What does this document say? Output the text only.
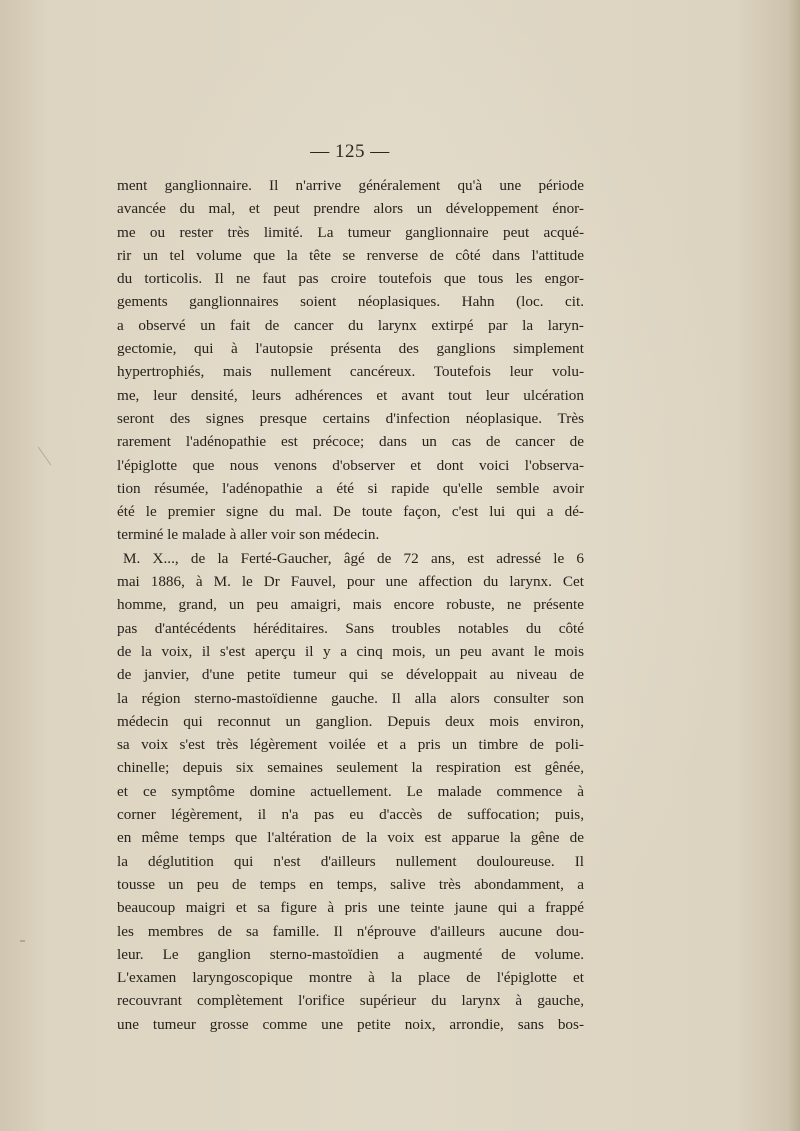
— 125 —
ment ganglionnaire. Il n'arrive généralement qu'à une période
avancée du mal, et peut prendre alors un développement énor-
me ou rester très limité. La tumeur ganglionnaire peut acqué-
rir un tel volume que la tête se renverse de côté dans l'attitude
du torticolis. Il ne faut pas croire toutefois que tous les engor-
gements ganglionnaires soient néoplasiques. Hahn (loc. cit.
a observé un fait de cancer du larynx extirpé par la laryn-
gectomie, qui à l'autopsie présenta des ganglions simplement
hypertrophiés, mais nullement cancéreux. Toutefois leur volu-
me, leur densité, leurs adhérences et avant tout leur ulcération
seront des signes presque certains d'infection néoplasique. Très
rarement l'adénopathie est précoce; dans un cas de cancer de
l'épiglotte que nous venons d'observer et dont voici l'observa-
tion résumée, l'adénopathie a été si rapide qu'elle semble avoir
été le premier signe du mal. De toute façon, c'est lui qui a dé-
terminé le malade à aller voir son médecin.
M. X..., de la Ferté-Gaucher, âgé de 72 ans, est adressé le 6
mai 1886, à M. le Dr Fauvel, pour une affection du larynx. Cet
homme, grand, un peu amaigri, mais encore robuste, ne présente
pas d'antécédents héréditaires. Sans troubles notables du côté
de la voix, il s'est aperçu il y a cinq mois, un peu avant le mois
de janvier, d'une petite tumeur qui se développait au niveau de
la région sterno-mastoïdienne gauche. Il alla alors consulter son
médecin qui reconnut un ganglion. Depuis deux mois environ,
sa voix s'est très légèrement voilée et a pris un timbre de poli-
chinelle; depuis six semaines seulement la respiration est gênée,
et ce symptôme domine actuellement. Le malade commence à
corner légèrement, il n'a pas eu d'accès de suffocation; puis,
en même temps que l'altération de la voix est apparue la gêne de
la déglutition qui n'est d'ailleurs nullement douloureuse. Il
tousse un peu de temps en temps, salive très abondamment, a
beaucoup maigri et sa figure à pris une teinte jaune qui a frappé
les membres de sa famille. Il n'éprouve d'ailleurs aucune dou-
leur. Le ganglion sterno-mastoïdien a augmenté de volume.
L'examen laryngoscopique montre à la place de l'épiglotte et
recouvrant complètement l'orifice supérieur du larynx à gauche,
une tumeur grosse comme une petite noix, arrondie, sans bos-
